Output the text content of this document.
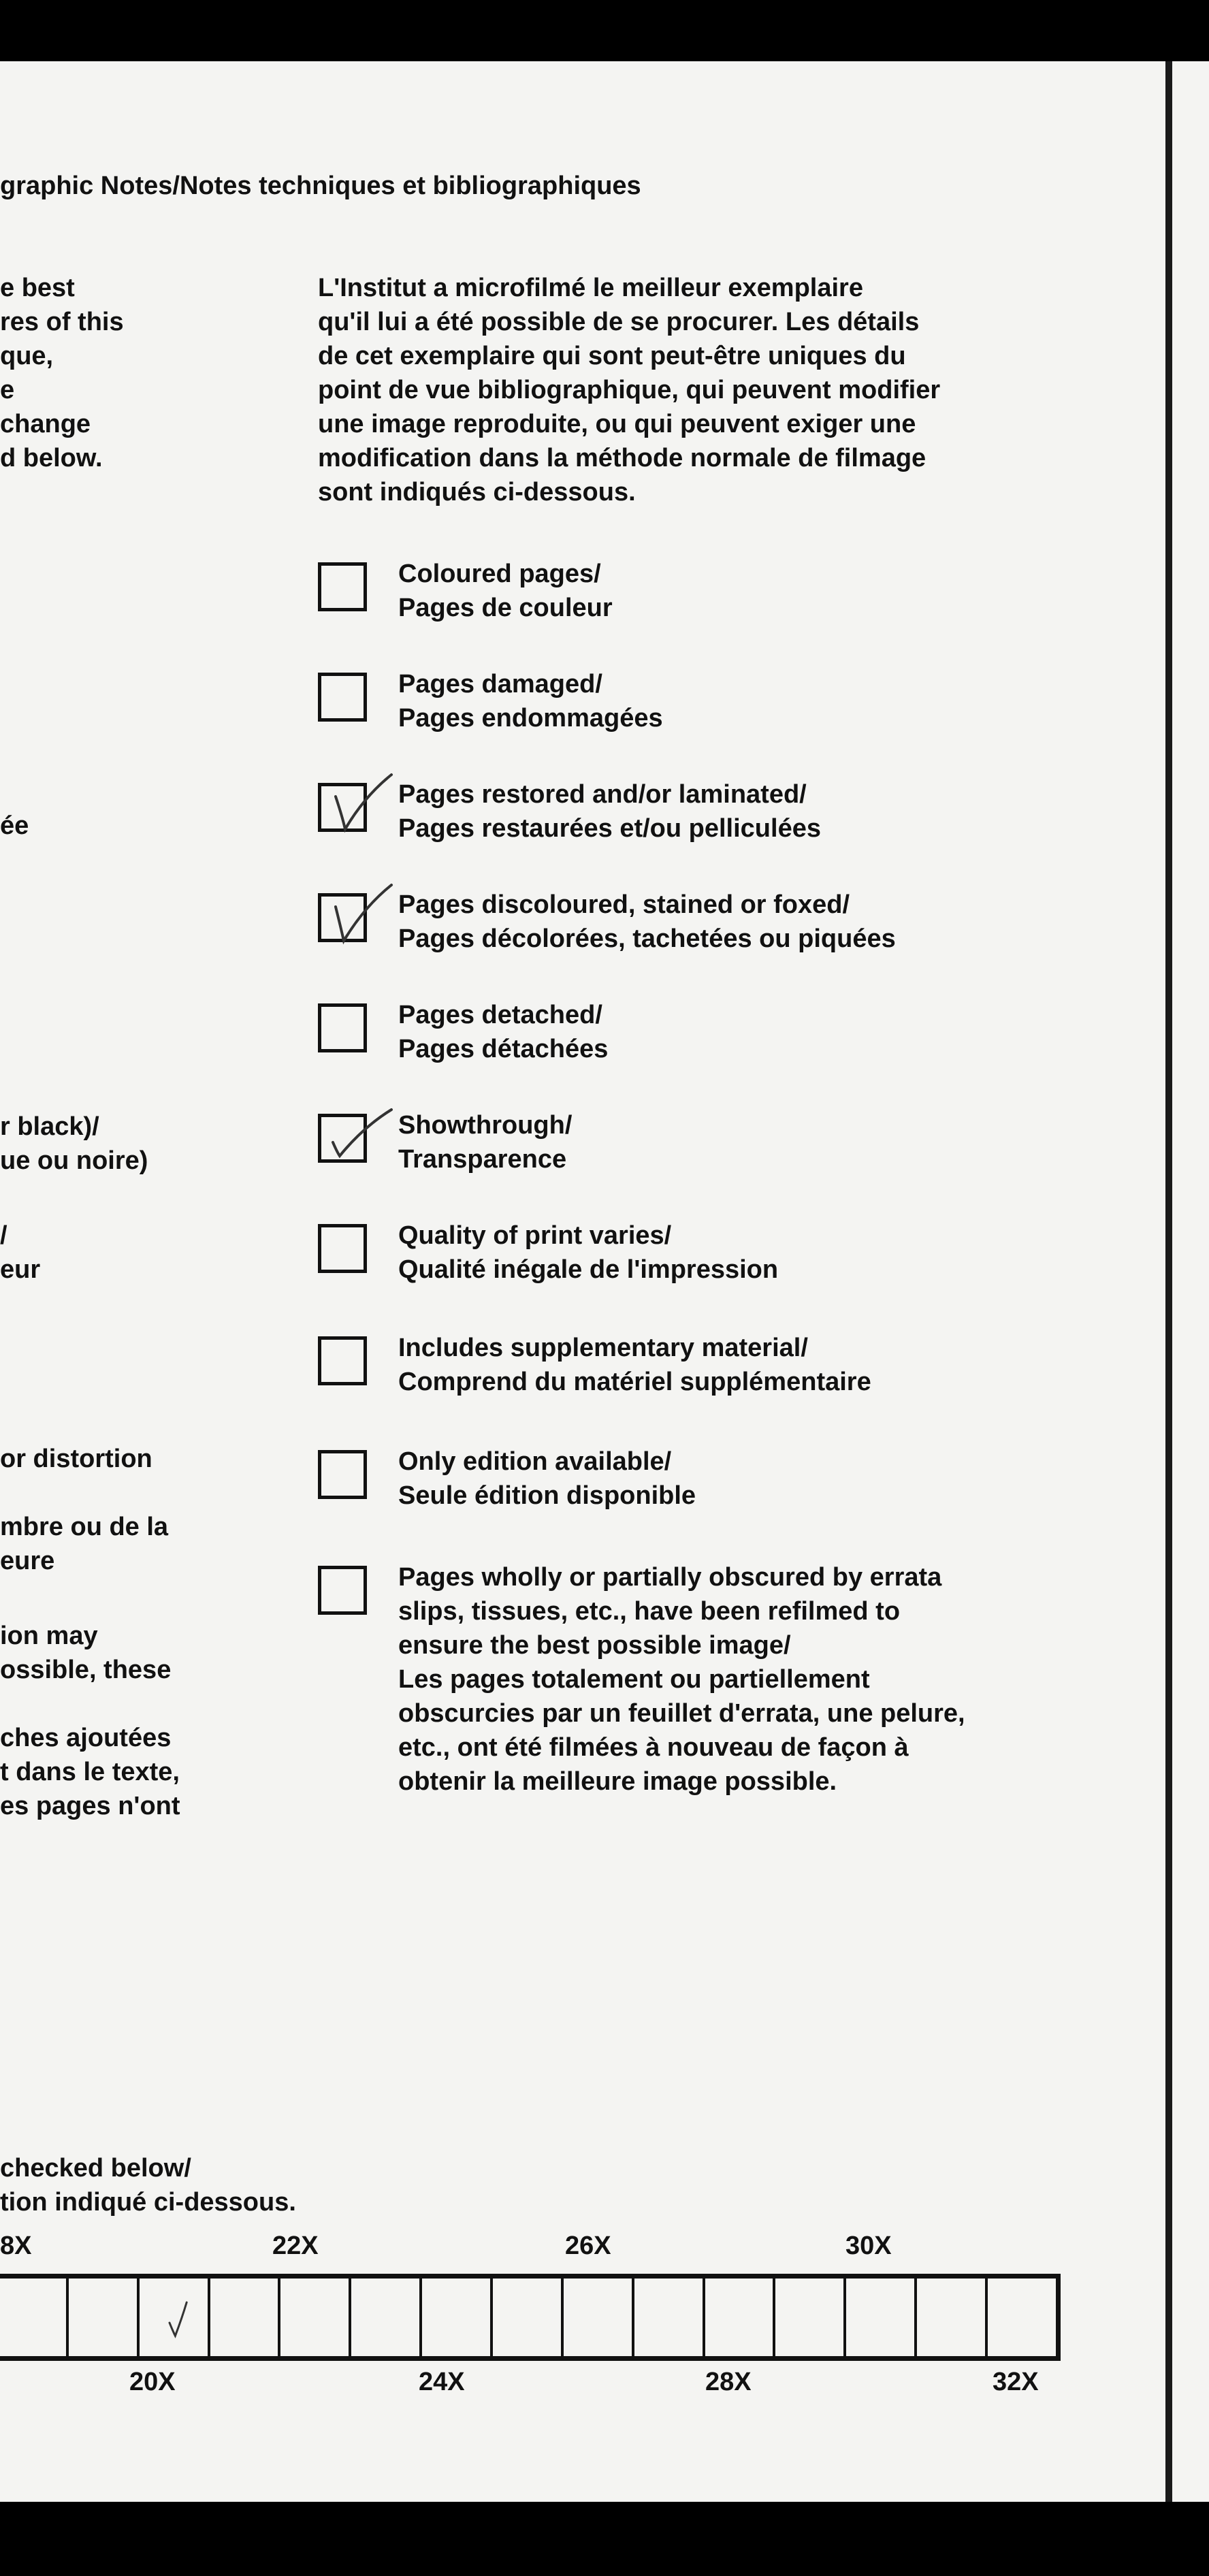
graphic Notes/Notes techniques et bibliographiques
e best
res of this
que,
e
change
d below.
ée
r black)/
ue ou noire)
/
eur
or distortion
mbre ou de la
eure
ion may
ossible, these
ches ajoutées
t dans le texte,
es pages n'ont
L'Institut a microfilmé le meilleur exemplaire
qu'il lui a été possible de se procurer. Les détails
de cet exemplaire qui sont peut-être uniques du
point de vue bibliographique, qui peuvent modifier
une image reproduite, ou qui peuvent exiger une
modification dans la méthode normale de filmage
sont indiqués ci-dessous.
Coloured pages/
Pages de couleur
Pages damaged/
Pages endommagées
Pages restored and/or laminated/
Pages restaurées et/ou pelliculées
Pages discoloured, stained or foxed/
Pages décolorées, tachetées ou piquées
Pages detached/
Pages détachées
Showthrough/
Transparence
Quality of print varies/
Qualité inégale de l'impression
Includes supplementary material/
Comprend du matériel supplémentaire
Only edition available/
Seule édition disponible
Pages wholly or partially obscured by errata
slips, tissues, etc., have been refilmed to
ensure the best possible image/
Les pages totalement ou partiellement
obscurcies par un feuillet d'errata, une pelure,
etc., ont été filmées à nouveau de façon à
obtenir la meilleure image possible.
checked below/
tion indiqué ci-dessous.
8X	22X	26X	30X
20X	24X	28X	32X
